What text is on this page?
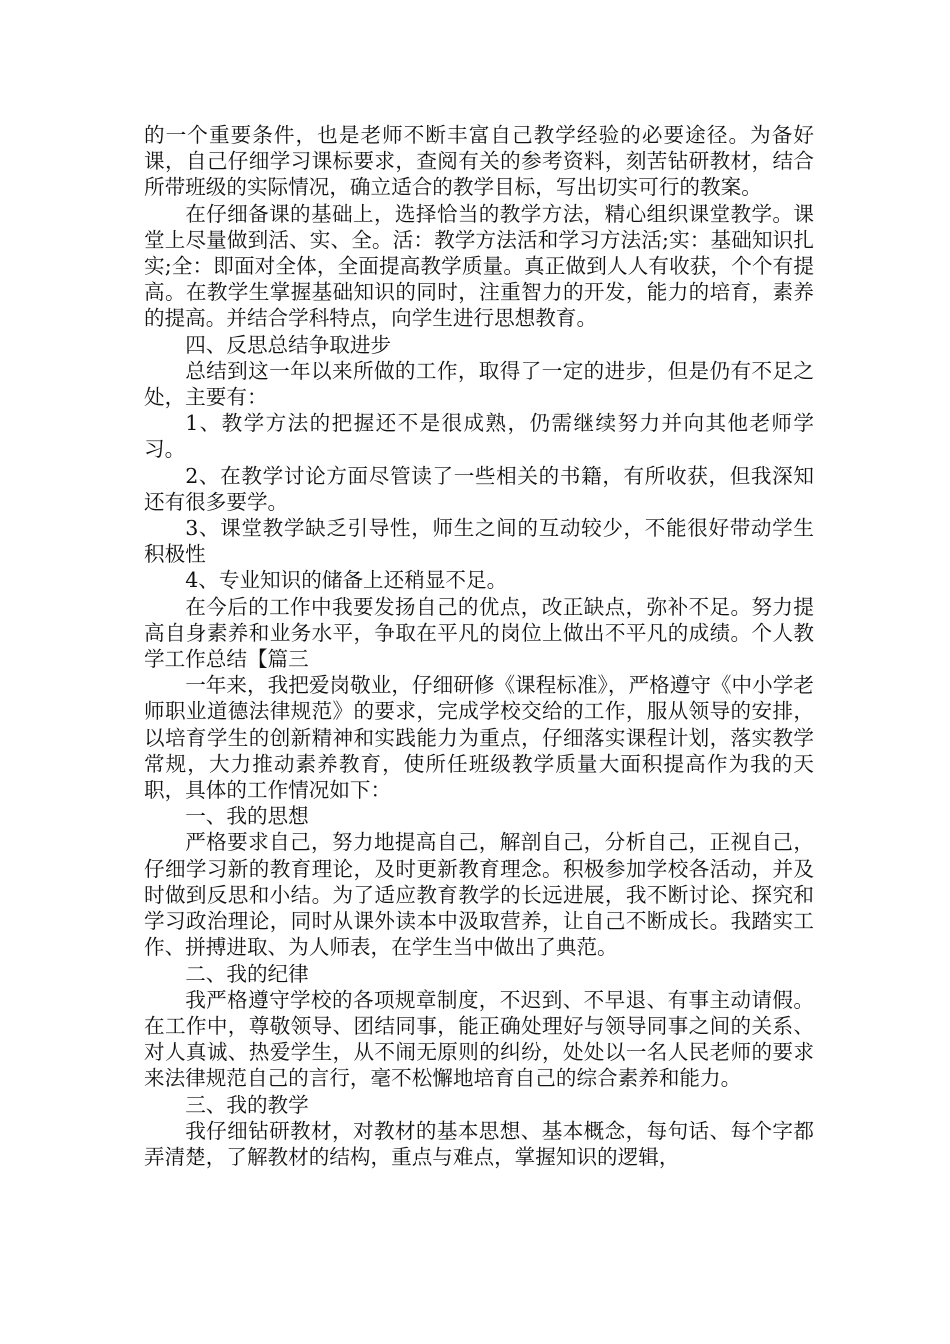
的一个重要条件，也是老师不断丰富自己教学经验的必要途径。为备好课，自己仔细学习课标要求，查阅有关的参考资料，刻苦钻研教材，结合所带班级的实际情况，确立适合的教学目标，写出切实可行的教案。

在仔细备课的基础上，选择恰当的教学方法，精心组织课堂教学。课堂上尽量做到活、实、全。活：教学方法活和学习方法活;实：基础知识扎实;全：即面对全体，全面提高教学质量。真正做到人人有收获，个个有提高。在教学生掌握基础知识的同时，注重智力的开发，能力的培育，素养的提高。并结合学科特点，向学生进行思想教育。

四、反思总结争取进步

总结到这一年以来所做的工作，取得了一定的进步，但是仍有不足之处，主要有：

1、教学方法的把握还不是很成熟，仍需继续努力并向其他老师学习。

2、在教学讨论方面尽管读了一些相关的书籍，有所收获，但我深知还有很多要学。

3、课堂教学缺乏引导性，师生之间的互动较少，不能很好带动学生积极性

4、专业知识的储备上还稍显不足。

在今后的工作中我要发扬自己的优点，改正缺点，弥补不足。努力提高自身素养和业务水平，争取在平凡的岗位上做出不平凡的成绩。个人教学工作总结【篇三

一年来，我把爱岗敬业，仔细研修《课程标准》，严格遵守《中小学老师职业道德法律规范》的要求，完成学校交给的工作，服从领导的安排，以培育学生的创新精神和实践能力为重点，仔细落实课程计划，落实教学常规，大力推动素养教育，使所任班级教学质量大面积提高作为我的天职，具体的工作情况如下：

一、我的思想

严格要求自己，努力地提高自己，解剖自己，分析自己，正视自己，仔细学习新的教育理论，及时更新教育理念。积极参加学校各活动，并及时做到反思和小结。为了适应教育教学的长远进展，我不断讨论、探究和学习政治理论，同时从课外读本中汲取营养，让自己不断成长。我踏实工作、拼搏进取、为人师表，在学生当中做出了典范。

二、我的纪律

我严格遵守学校的各项规章制度，不迟到、不早退、有事主动请假。在工作中，尊敬领导、团结同事，能正确处理好与领导同事之间的关系、对人真诚、热爱学生，从不闹无原则的纠纷，处处以一名人民老师的要求来法律规范自己的言行，毫不松懈地培育自己的综合素养和能力。

三、我的教学

我仔细钻研教材，对教材的基本思想、基本概念，每句话、每个字都弄清楚，了解教材的结构，重点与难点，掌握知识的逻辑，
